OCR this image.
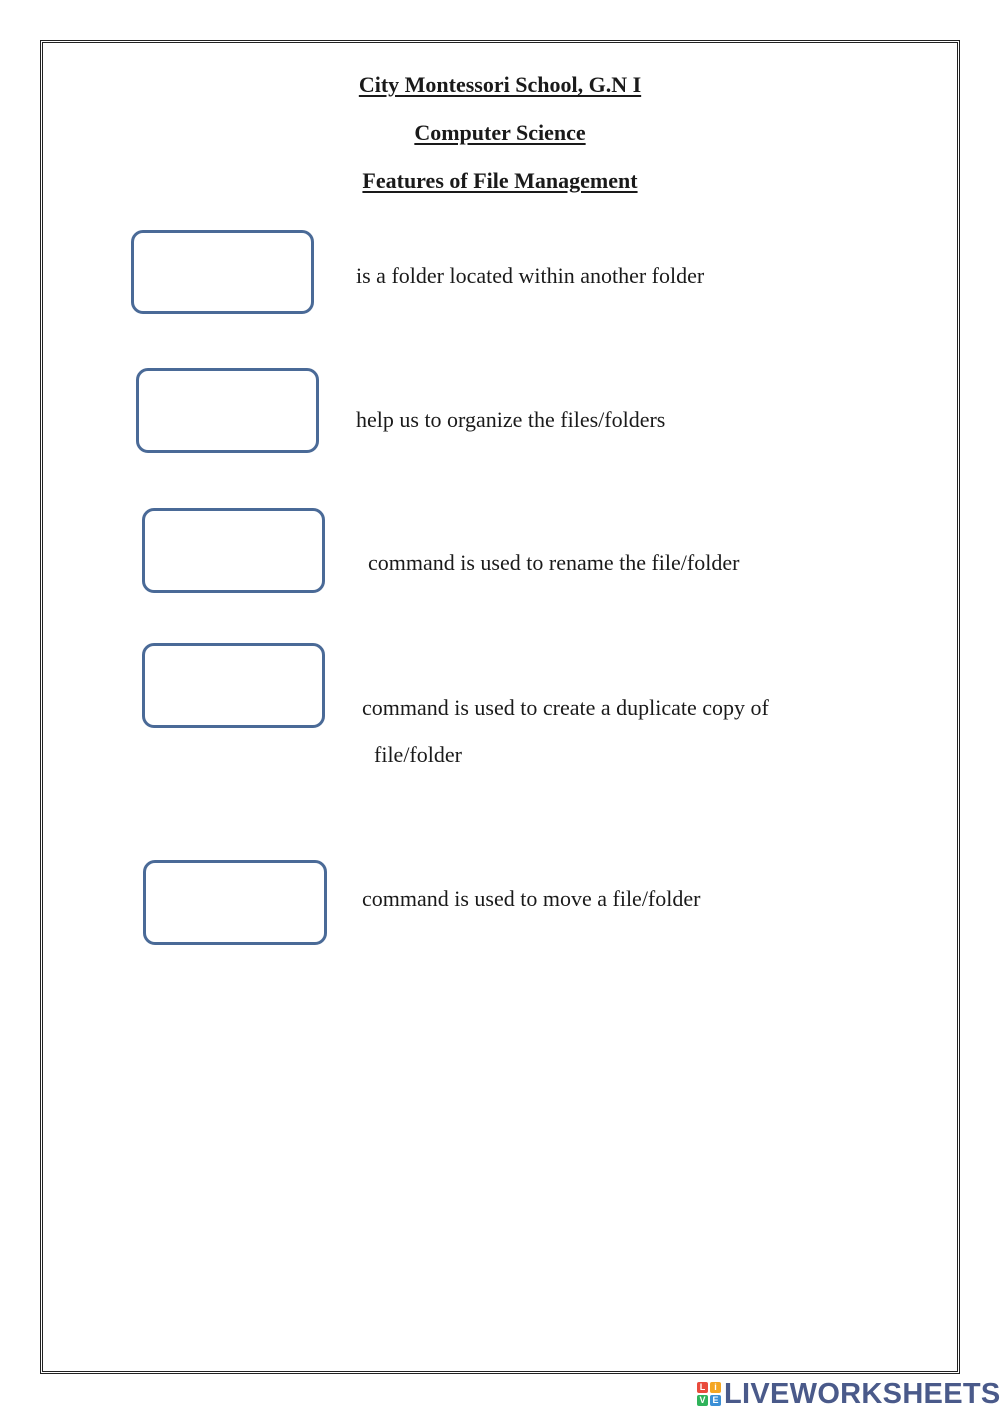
City Montessori School, G.N I
Computer Science
Features of File Management
is a folder located within another folder
help us to organize the files/folders
command is used to rename the file/folder
command is used to create a duplicate copy of
file/folder
command is used to move a file/folder
L i
V E LIVEWORKSHEETS
